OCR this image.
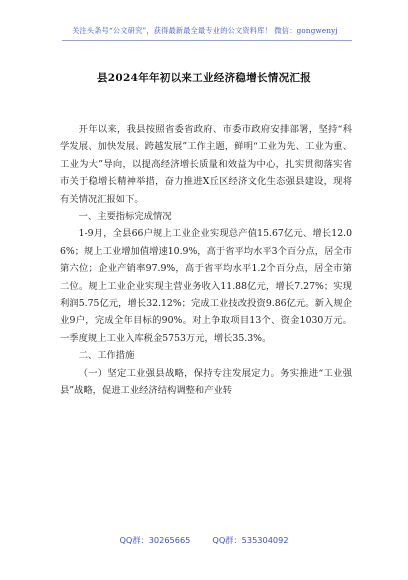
关注头条号“公文研究”，获得最新最全最专业的公文资料库！ 微信：gongwenyj
县2024年年初以来工业经济稳增长情况汇报

开年以来，我县按照省委省政府、市委市政府安排部署，坚持“科学发展、加快发展、跨越发展”工作主题，鲜明“工业为先、工业为重、工业为大”导向，以提高经济增长质量和效益为中心，扎实贯彻落实省市关于稳增长精神举措，奋力推进X丘区经济文化生态强县建设，现将有关情况汇报如下。

一、主要指标完成情况

1-9月，全县66户规上工业企业实现总产值15.67亿元、增长12.06%；规上工业增加值增速10.9%，高于省平均水平3个百分点，居全市第六位；企业产销率97.9%，高于省平均水平1.2个百分点，居全市第二位。规上工业企业实现主营业务收入11.88亿元，增长7.27%；实现利润5.75亿元，增长32.12%；完成工业技改投资9.86亿元。新入规企业9户，完成全年目标的90%。对上争取项目13个、资金1030万元。一季度规上工业入库税金5753万元，增长35.3%。

二、工作措施

（一）坚定工业强县战略，保持专注发展定力。务实推进“工业强县”战略，促进工业经济结构调整和产业转

QQ群：30265665	QQ群：535304092
